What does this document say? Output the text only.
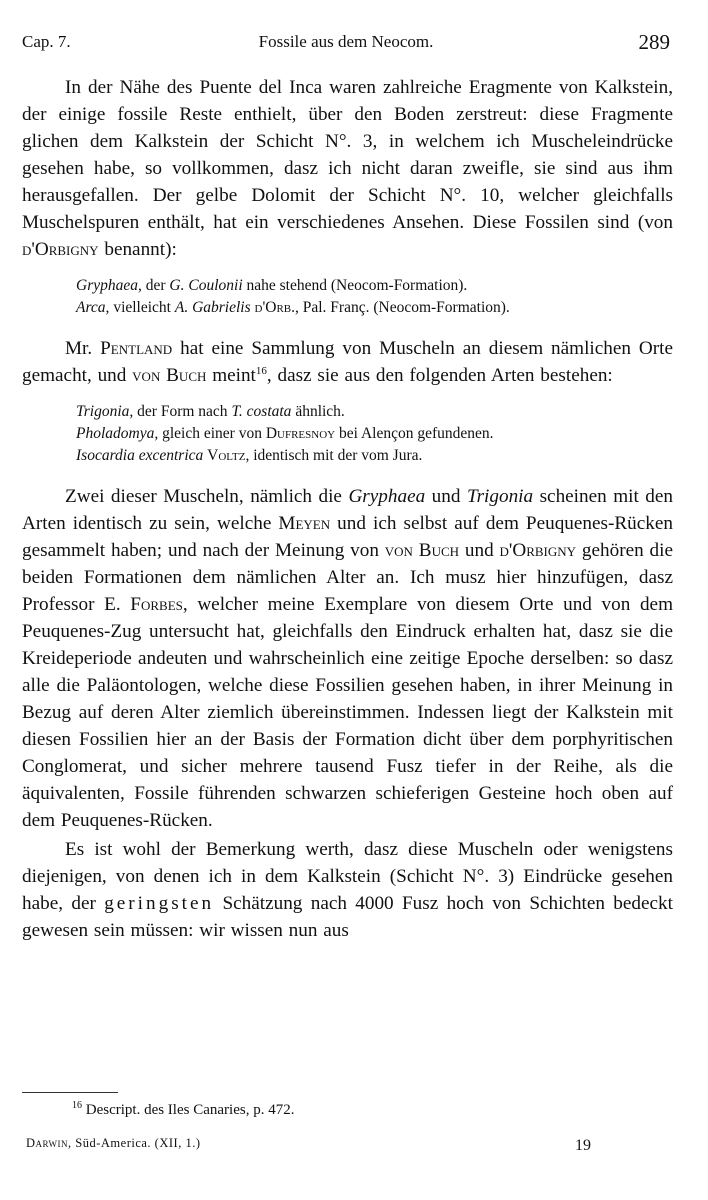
Cap. 7.	Fossile aus dem Neocom.	289

In der Nähe des Puente del Inca waren zahlreiche Eragmente von Kalkstein, der einige fossile Reste enthielt, über den Boden zerstreut: diese Fragmente glichen dem Kalkstein der Schicht N°. 3, in welchem ich Muscheleindrücke gesehen habe, so vollkommen, dasz ich nicht daran zweifle, sie sind aus ihm herausgefallen. Der gelbe Dolomit der Schicht N°. 10, welcher gleichfalls Muschelspuren enthält, hat ein verschiedenes Ansehen. Diese Fossilen sind (von d'Orbigny benannt):

Gryphaea, der G. Coulonii nahe stehend (Neocom-Formation).
Arca, vielleicht A. Gabrielis d'Orb., Pal. Franç. (Neocom-Formation).

Mr. Pentland hat eine Sammlung von Muscheln an diesem nämlichen Orte gemacht, und von Buch meint$^{16}$, dasz sie aus den folgenden Arten bestehen:

Trigonia, der Form nach T. costata ähnlich.
Pholadomya, gleich einer von Dufresnoy bei Alençon gefundenen.
Isocardia excentrica Voltz, identisch mit der vom Jura.

Zwei dieser Muscheln, nämlich die Gryphaea und Trigonia scheinen mit den Arten identisch zu sein, welche Meyen und ich selbst auf dem Peuquenes-Rücken gesammelt haben; und nach der Meinung von von Buch und d'Orbigny gehören die beiden Formationen dem nämlichen Alter an. Ich musz hier hinzufügen, dasz Professor E. Forbes, welcher meine Exemplare von diesem Orte und von dem Peuquenes-Zug untersucht hat, gleichfalls den Eindruck erhalten hat, dasz sie die Kreideperiode andeuten und wahrscheinlich eine zeitige Epoche derselben: so dasz alle die Paläontologen, welche diese Fossilien gesehen haben, in ihrer Meinung in Bezug auf deren Alter ziemlich übereinstimmen. Indessen liegt der Kalkstein mit diesen Fossilien hier an der Basis der Formation dicht über dem porphyritischen Conglomerat, und sicher mehrere tausend Fusz tiefer in der Reihe, als die äquivalenten, Fossile führenden schwarzen schieferigen Gesteine hoch oben auf dem Peuquenes-Rücken.

Es ist wohl der Bemerkung werth, dasz diese Muscheln oder wenigstens diejenigen, von denen ich in dem Kalkstein (Schicht N°. 3) Eindrücke gesehen habe, der geringsten Schätzung nach 4000 Fusz hoch von Schichten bedeckt gewesen sein müssen: wir wissen nun aus

$^{16}$ Descript. des Iles Canaries, p. 472.
Darwin, Süd-America. (XII, 1.)	19
